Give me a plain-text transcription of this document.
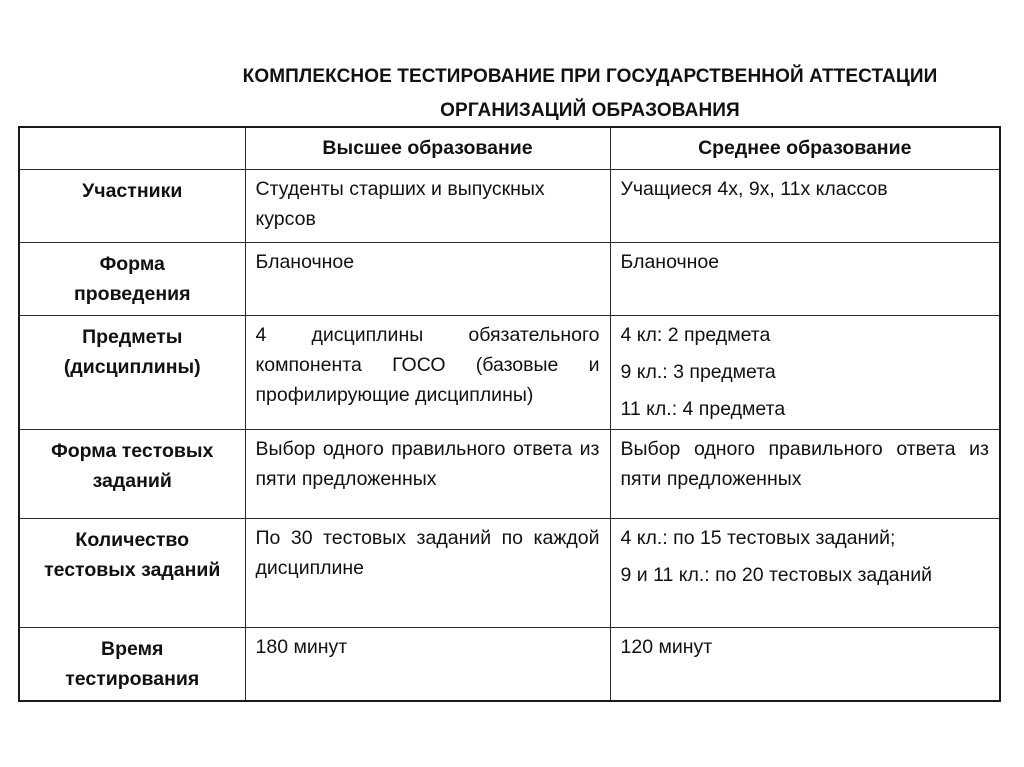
КОМПЛЕКСНОЕ ТЕСТИРОВАНИЕ ПРИ ГОСУДАРСТВЕННОЙ АТТЕСТАЦИИ
ОРГАНИЗАЦИЙ ОБРАЗОВАНИЯ
	Высшее образование	Среднее образование

Участники	Студенты старших и выпускных курсов	Учащиеся 4х, 9х, 11х классов

Форма
проведения	Бланочное	Бланочное

Предметы
(дисциплины)	4 дисциплины обязательного компонента ГОСО (базовые и профилирующие дисциплины)	4 кл: 2 предмета
9 кл.: 3 предмета
11 кл.: 4 предмета

Форма тестовых
заданий	Выбор одного правильного ответа из пяти предложенных	Выбор одного правильного ответа из пяти предложенных

Количество
тестовых заданий	По 30 тестовых заданий по каждой дисциплине	4 кл.: по 15 тестовых заданий;
9 и 11 кл.: по 20 тестовых заданий

Время
тестирования	180 минут	120 минут
